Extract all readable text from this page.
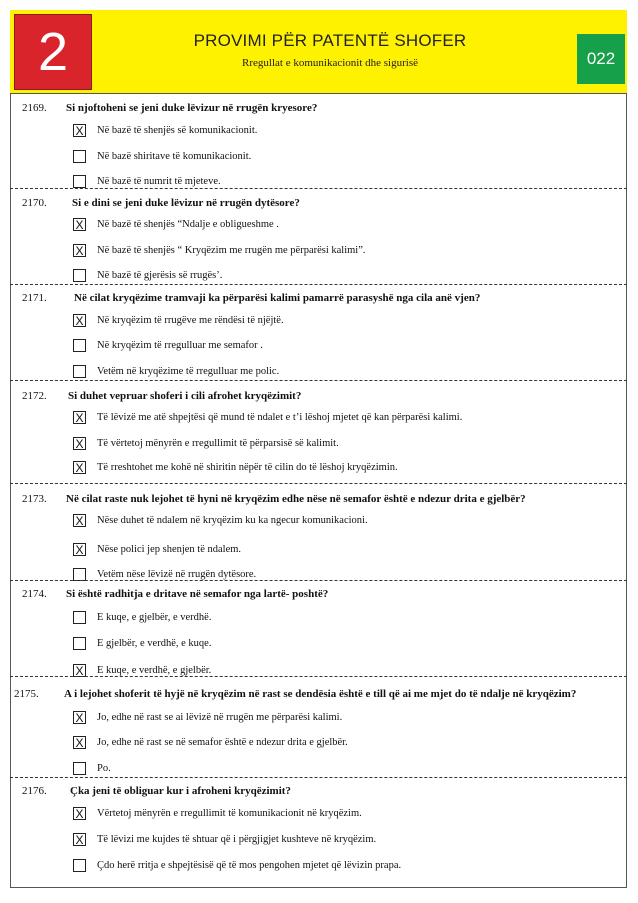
2	PROVIMI PËR PATENTË SHOFER
Rregullat e komunikacionit dhe sigurisë	022
2169. Si njoftoheni se jeni duke lëvizur në rrugën kryesore?
X Në bazë të shenjës së komunikacionit.
Në bazë shiritave të komunikacionit.
Në bazë të numrit të mjeteve.
2170. Si e dini se jeni duke lëvizur në rrugën dytësore?
X Në bazë të shenjës “Ndalje e obligueshme .
X Në bazë të shenjës “ Kryqëzim me rrugën me përparësi kalimi”.
Në bazë të gjerësis së rrugës’.
2171. Në cilat kryqëzime tramvaji ka përparësi kalimi pamarrë parasyshë nga cila anë vjen?
X Në kryqëzim të rrugëve me rëndësi të njëjtë.
Në kryqëzim të rregulluar me semafor .
Vetëm në kryqëzime të rregulluar me polic.
2172. Si duhet vepruar shoferi i cili afrohet kryqëzimit?
X Të lëvizë me atë shpejtësi që mund të ndalet e t’i lëshoj mjetet që kan përparësi kalimi.
X Të vërtetoj mënyrën e rregullimit të përparsisë së kalimit.
X Të rreshtohet me kohë në shiritin nëpër të cilin do të lëshoj kryqëzimin.
2173. Në cilat raste nuk lejohet të hyni në kryqëzim edhe nëse në semafor është e ndezur drita e gjelbër?
X Nëse duhet të ndalem në kryqëzim ku ka ngecur komunikacioni.
X Nëse polici jep shenjen të ndalem.
Vetëm nëse lëvizë në rrugën dytësore.
2174. Si është radhitja e dritave në semafor nga lartë- poshtë?
E kuqe, e gjelbër, e verdhë.
E gjelbër, e verdhë, e kuqe.
X E kuqe, e verdhë, e gjelbër.
2175. A i lejohet shoferit të hyjë në kryqëzim në rast se dendësia është e till që ai me mjet do të ndalje në kryqëzim?
X Jo, edhe në rast se ai lëvizë në rrugën me përparësi kalimi.
X Jo, edhe në rast se në semafor është e ndezur drita e gjelbër.
Po.
2176. Çka jeni të obliguar kur i afroheni kryqëzimit?
X Vërtetoj mënyrën e rregullimit të komunikacionit në kryqëzim.
X Të lëvizi me kujdes të shtuar që i përgjigjet kushteve në kryqëzim.
Çdo herë rritja e shpejtësisë që të mos pengohen mjetet që lëvizin prapa.
